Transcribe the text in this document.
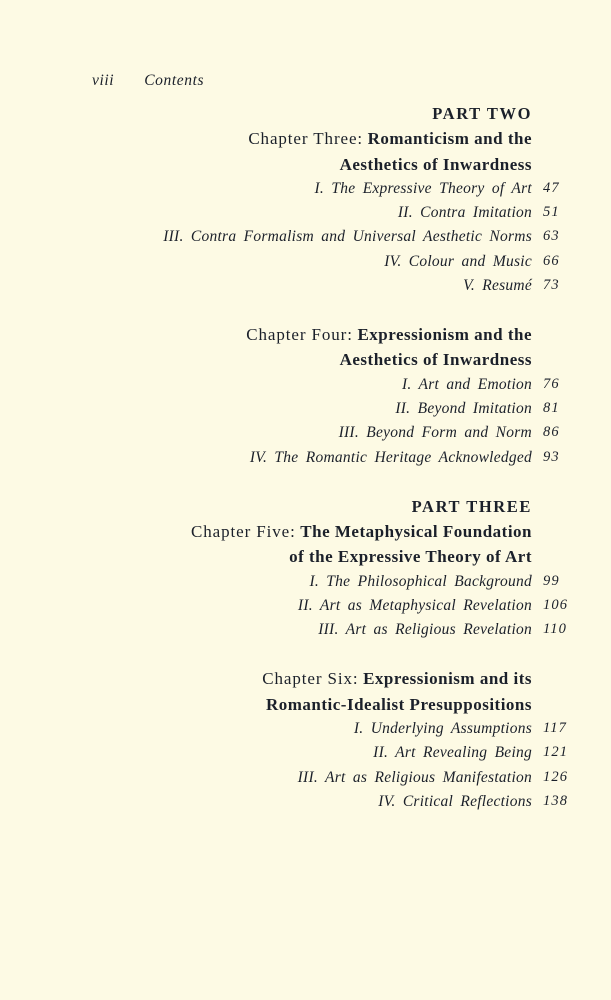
viii Contents
PART TWO
Chapter Three: Romanticism and the
Aesthetics of Inwardness
I. The Expressive Theory of Art 47
II. Contra Imitation 51
III. Contra Formalism and Universal Aesthetic Norms 63
IV. Colour and Music 66
V. Resumé 73
Chapter Four: Expressionism and the
Aesthetics of Inwardness
I. Art and Emotion 76
II. Beyond Imitation 81
III. Beyond Form and Norm 86
IV. The Romantic Heritage Acknowledged 93
PART THREE
Chapter Five: The Metaphysical Foundation
of the Expressive Theory of Art
I. The Philosophical Background 99
II. Art as Metaphysical Revelation 106
III. Art as Religious Revelation 110
Chapter Six: Expressionism and its
Romantic-Idealist Presuppositions
I. Underlying Assumptions 117
II. Art Revealing Being 121
III. Art as Religious Manifestation 126
IV. Critical Reflections 138
